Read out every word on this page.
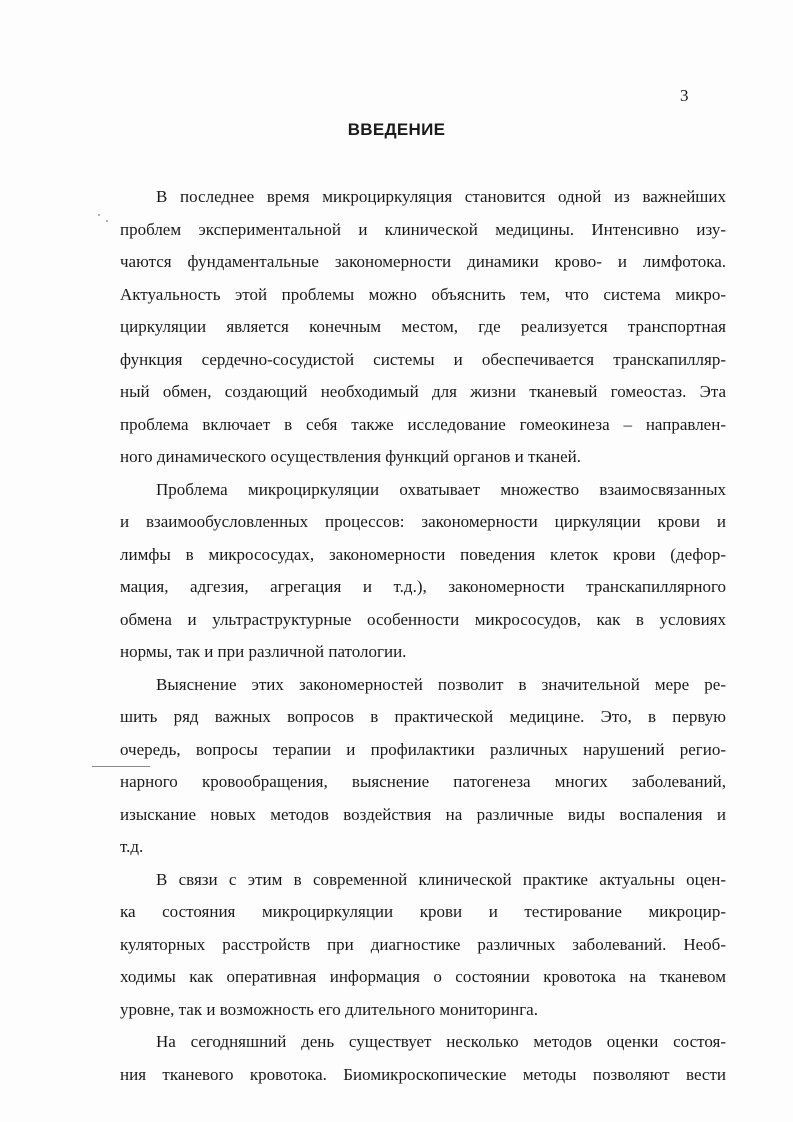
3
ВВЕДЕНИЕ

В последнее время микроциркуляция становится одной из важнейших
проблем экспериментальной и клинической медицины. Интенсивно изу-
чаются фундаментальные закономерности динамики крово- и лимфотока.
Актуальность этой проблемы можно объяснить тем, что система микро-
циркуляции является конечным местом, где реализуется транспортная
функция сердечно-сосудистой системы и обеспечивается транскапилляр-
ный обмен, создающий необходимый для жизни тканевый гомеостаз. Эта
проблема включает в себя также исследование гомеокинеза – направлен-
ного динамического осуществления функций органов и тканей.

Проблема микроциркуляции охватывает множество взаимосвязанных
и взаимообусловленных процессов: закономерности циркуляции крови и
лимфы в микрососудах, закономерности поведения клеток крови (дефор-
мация, адгезия, агрегация и т.д.), закономерности транскапиллярного
обмена и ультраструктурные особенности микрососудов, как в условиях
нормы, так и при различной патологии.

Выяснение этих закономерностей позволит в значительной мере ре-
шить ряд важных вопросов в практической медицине. Это, в первую
очередь, вопросы терапии и профилактики различных нарушений регио-
нарного кровообращения, выяснение патогенеза многих заболеваний,
изыскание новых методов воздействия на различные виды воспаления и
т.д.

В связи с этим в современной клинической практике актуальны оцен-
ка состояния микроциркуляции крови и тестирование микроцир-
куляторных расстройств при диагностике различных заболеваний. Необ-
ходимы как оперативная информация о состоянии кровотока на тканевом
уровне, так и возможность его длительного мониторинга.

На сегодняшний день существует несколько методов оценки состоя-
ния тканевого кровотока. Биомикроскопические методы позволяют вести
